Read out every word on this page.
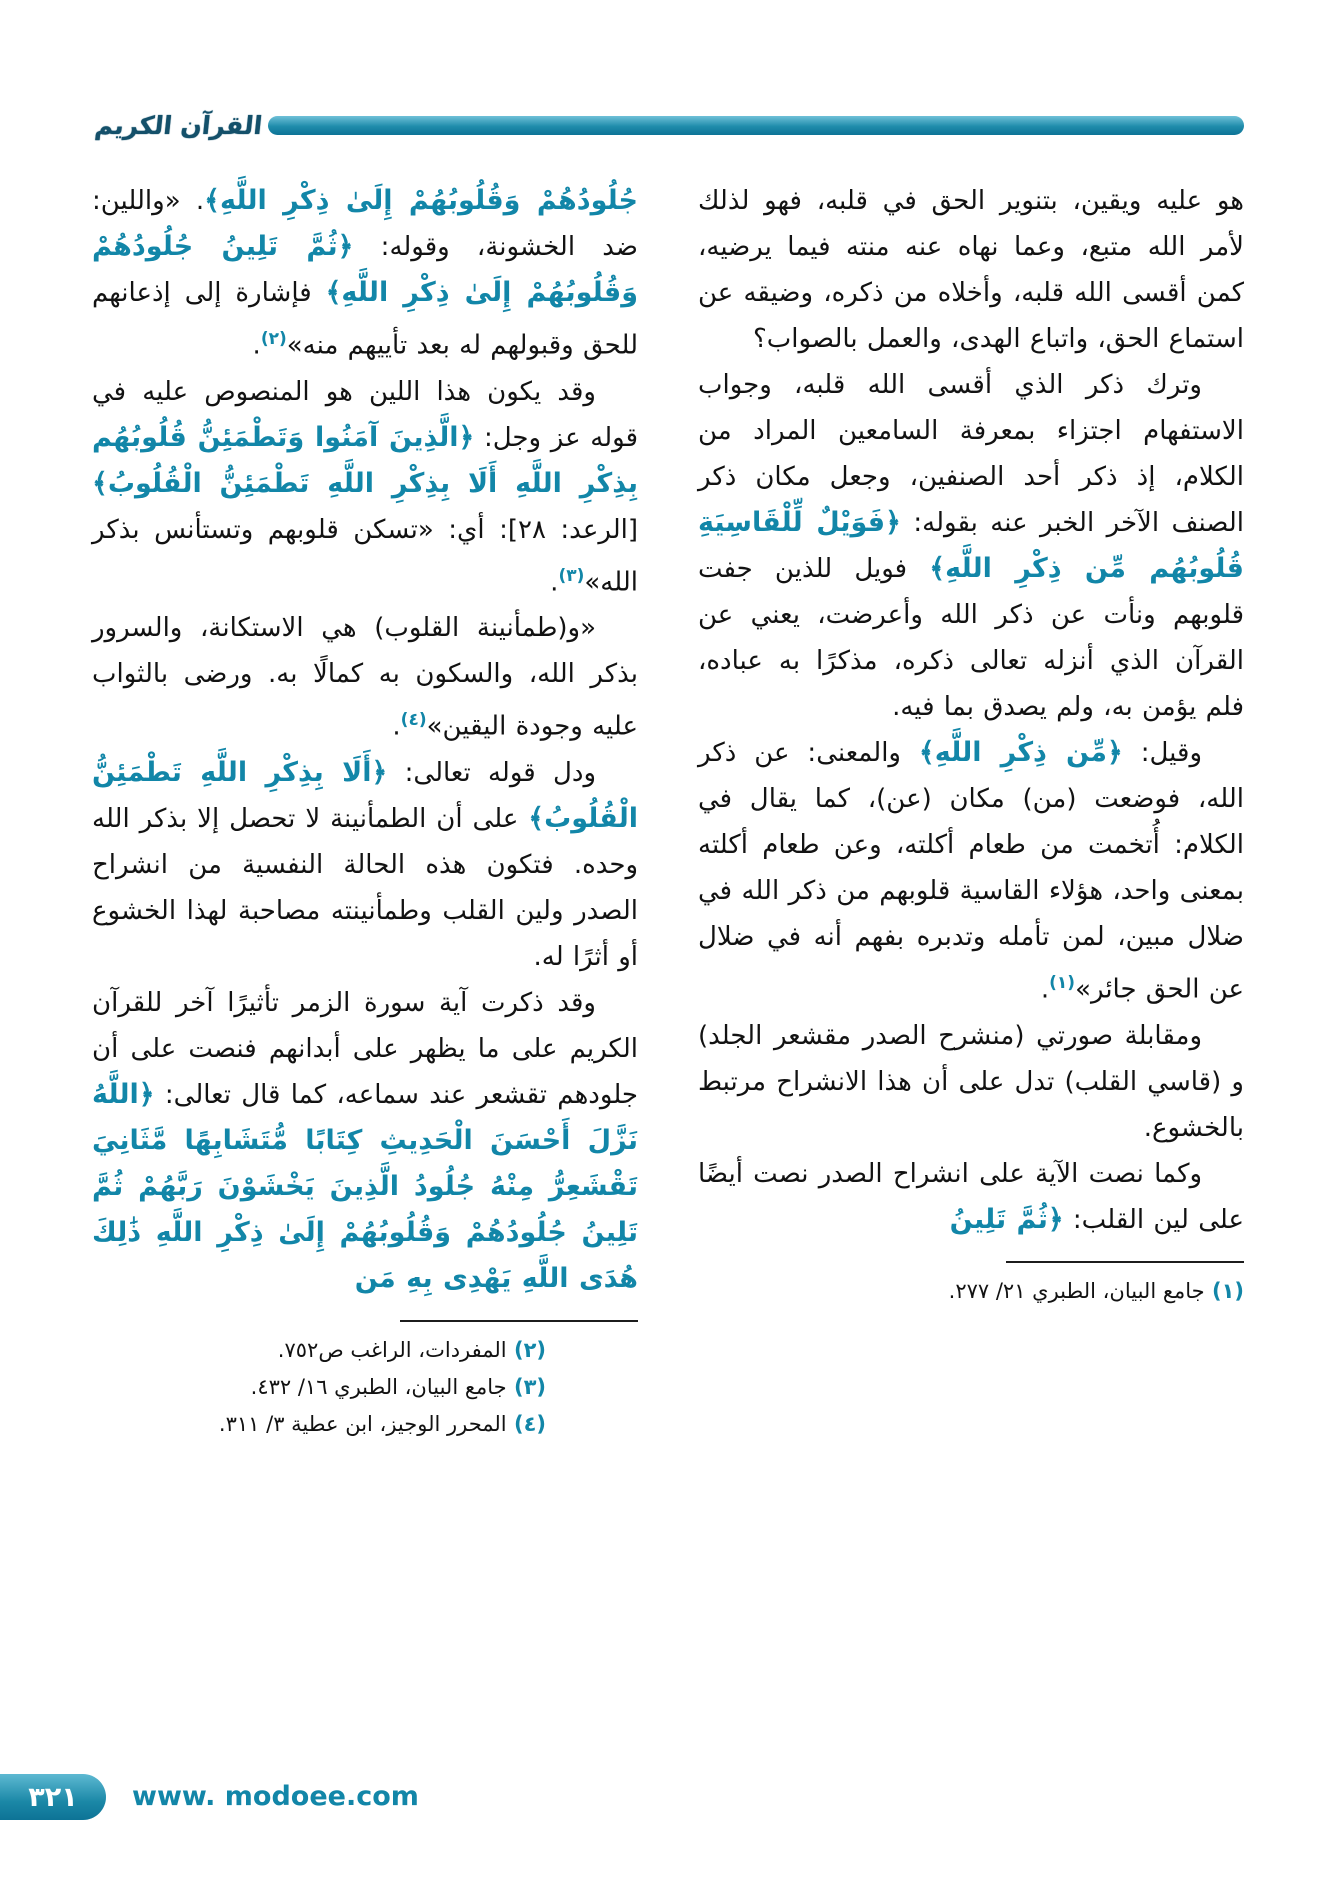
القرآن الكريم

هو عليه ويقين، بتنوير الحق في قلبه، فهو لذلك لأمر الله متبع، وعما نهاه عنه منته فيما يرضيه، كمن أقسى الله قلبه، وأخلاه من ذكره، وضيقه عن استماع الحق، واتباع الهدى، والعمل بالصواب؟

وترك ذكر الذي أقسى الله قلبه، وجواب الاستفهام اجتزاء بمعرفة السامعين المراد من الكلام، إذ ذكر أحد الصنفين، وجعل مكان ذكر الصنف الآخر الخبر عنه بقوله: ﴿فَوَيْلٌ لِّلْقَاسِيَةِ قُلُوبُهُم مِّن ذِكْرِ اللَّهِ﴾ فويل للذين جفت قلوبهم ونأت عن ذكر الله وأعرضت، يعني عن القرآن الذي أنزله تعالى ذكره، مذكرًا به عباده، فلم يؤمن به، ولم يصدق بما فيه.

وقيل: ﴿مِّن ذِكْرِ اللَّهِ﴾ والمعنى: عن ذكر الله، فوضعت (من) مكان (عن)، كما يقال في الكلام: أُتخمت من طعام أكلته، وعن طعام أكلته بمعنى واحد، هؤلاء القاسية قلوبهم من ذكر الله في ضلال مبين، لمن تأمله وتدبره بفهم أنه في ضلال عن الحق جائر»$^{(١)}$.

ومقابلة صورتي (منشرح الصدر مقشعر الجلد) و (قاسي القلب) تدل على أن هذا الانشراح مرتبط بالخشوع.

وكما نصت الآية على انشراح الصدر نصت أيضًا على لين القلب: ﴿ثُمَّ تَلِينُ

(١) جامع البيان، الطبري ٢١/ ٢٧٧.

جُلُودُهُمْ وَقُلُوبُهُمْ إِلَىٰ ذِكْرِ اللَّهِ﴾. «واللين: ضد الخشونة، وقوله: ﴿ثُمَّ تَلِينُ جُلُودُهُمْ وَقُلُوبُهُمْ إِلَىٰ ذِكْرِ اللَّهِ﴾ فإشارة إلى إذعانهم للحق وقبولهم له بعد تأييهم منه»$^{(٢)}$.

وقد يكون هذا اللين هو المنصوص عليه في قوله عز وجل: ﴿الَّذِينَ آمَنُوا وَتَطْمَئِنُّ قُلُوبُهُم بِذِكْرِ اللَّهِ أَلَا بِذِكْرِ اللَّهِ تَطْمَئِنُّ الْقُلُوبُ﴾ [الرعد: ٢٨]: أي: «تسكن قلوبهم وتستأنس بذكر الله»$^{(٣)}$.

«و(طمأنينة القلوب) هي الاستكانة، والسرور بذكر الله، والسكون به كمالًا به. ورضى بالثواب عليه وجودة اليقين»$^{(٤)}$.

ودل قوله تعالى: ﴿أَلَا بِذِكْرِ اللَّهِ تَطْمَئِنُّ الْقُلُوبُ﴾ على أن الطمأنينة لا تحصل إلا بذكر الله وحده. فتكون هذه الحالة النفسية من انشراح الصدر ولين القلب وطمأنينته مصاحبة لهذا الخشوع أو أثرًا له.

وقد ذكرت آية سورة الزمر تأثيرًا آخر للقرآن الكريم على ما يظهر على أبدانهم فنصت على أن جلودهم تقشعر عند سماعه، كما قال تعالى: ﴿اللَّهُ نَزَّلَ أَحْسَنَ الْحَدِيثِ كِتَابًا مُّتَشَابِهًا مَّثَانِيَ تَقْشَعِرُّ مِنْهُ جُلُودُ الَّذِينَ يَخْشَوْنَ رَبَّهُمْ ثُمَّ تَلِينُ جُلُودُهُمْ وَقُلُوبُهُمْ إِلَىٰ ذِكْرِ اللَّهِ ذَٰلِكَ هُدَى اللَّهِ يَهْدِى بِهِ مَن

(٢) المفردات، الراغب ص٧٥٢.
(٣) جامع البيان، الطبري ١٦/ ٤٣٢.
(٤) المحرر الوجيز، ابن عطية ٣/ ٣١١.
٣٢١ www. modoee.com
